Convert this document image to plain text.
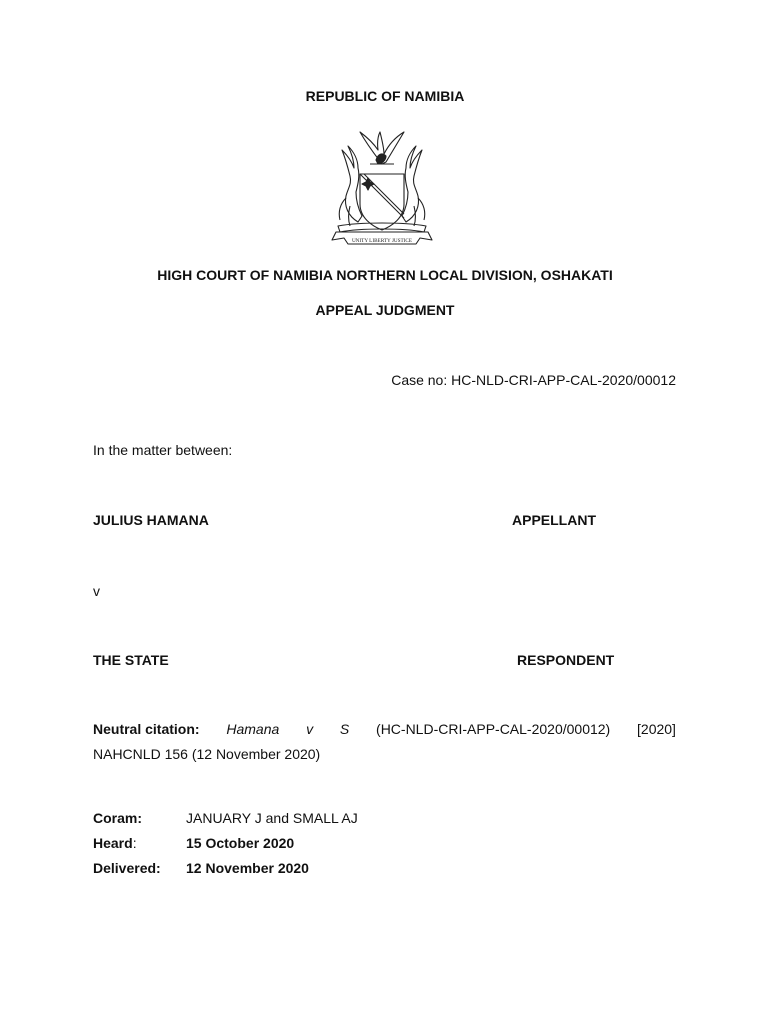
REPUBLIC OF NAMIBIA
UNITY LIBERTY JUSTICE
HIGH COURT OF NAMIBIA NORTHERN LOCAL DIVISION, OSHAKATI
APPEAL JUDGMENT
Case no: HC-NLD-CRI-APP-CAL-2020/00012
In the matter between:
JULIUS HAMANA	APPELLANT
v
THE STATE	RESPONDENT
Neutral citation: Hamana v S (HC-NLD-CRI-APP-CAL-2020/00012) [2020]
NAHCNLD 156 (12 November 2020)
Coram:	JANUARY J and SMALL AJ
Heard:	15 October 2020
Delivered: 12 November 2020
